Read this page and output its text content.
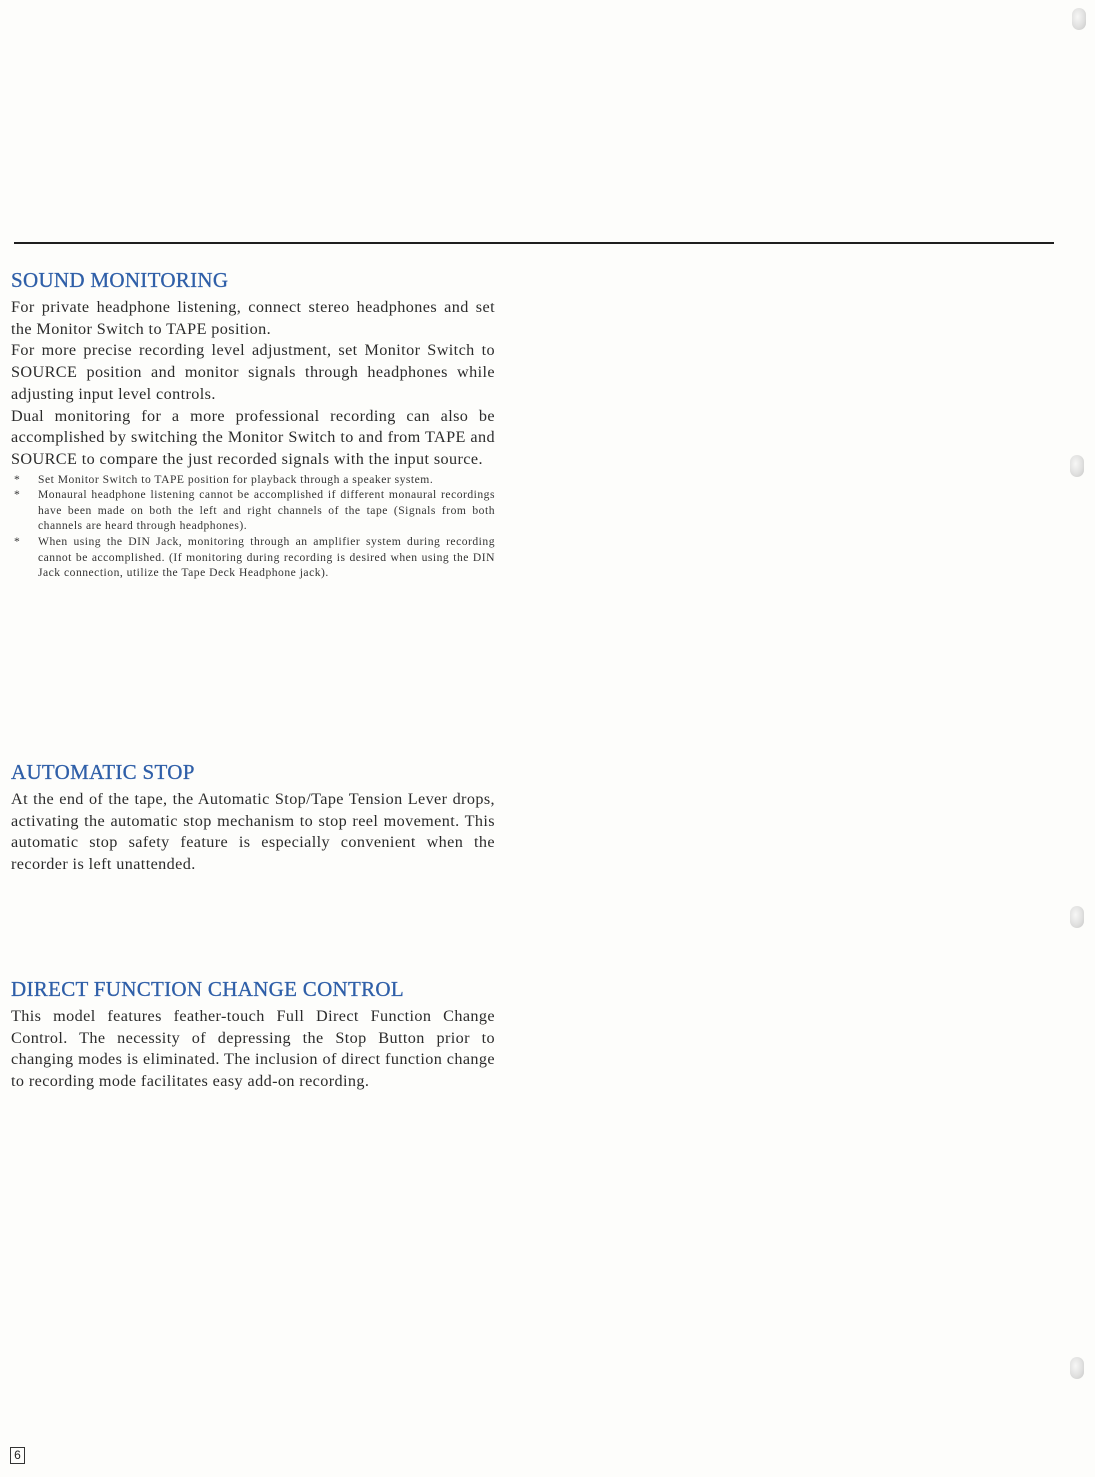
SOUND MONITORING

For private headphone listening, connect stereo headphones and set the Monitor Switch to TAPE position.

For more precise recording level adjustment, set Monitor Switch to SOURCE position and monitor signals through headphones while adjusting input level controls.

Dual monitoring for a more professional recording can also be accomplished by switching the Monitor Switch to and from TAPE and SOURCE to compare the just recorded signals with the input source.

* Set Monitor Switch to TAPE position for playback through a speaker system.
* Monaural headphone listening cannot be accomplished if different monaural recordings have been made on both the left and right channels of the tape (Signals from both channels are heard through headphones).
* When using the DIN Jack, monitoring through an amplifier system during recording cannot be accomplished. (If monitoring during recording is desired when using the DIN Jack connection, utilize the Tape Deck Headphone jack).
AUTOMATIC STOP

At the end of the tape, the Automatic Stop/Tape Tension Lever drops, activating the automatic stop mechanism to stop reel movement. This automatic stop safety feature is especially convenient when the recorder is left unattended.

DIRECT FUNCTION CHANGE CONTROL

This model features feather-touch Full Direct Function Change Control. The necessity of depressing the Stop Button prior to changing modes is eliminated. The inclusion of direct function change to recording mode facilitates easy add-on recording.

6
